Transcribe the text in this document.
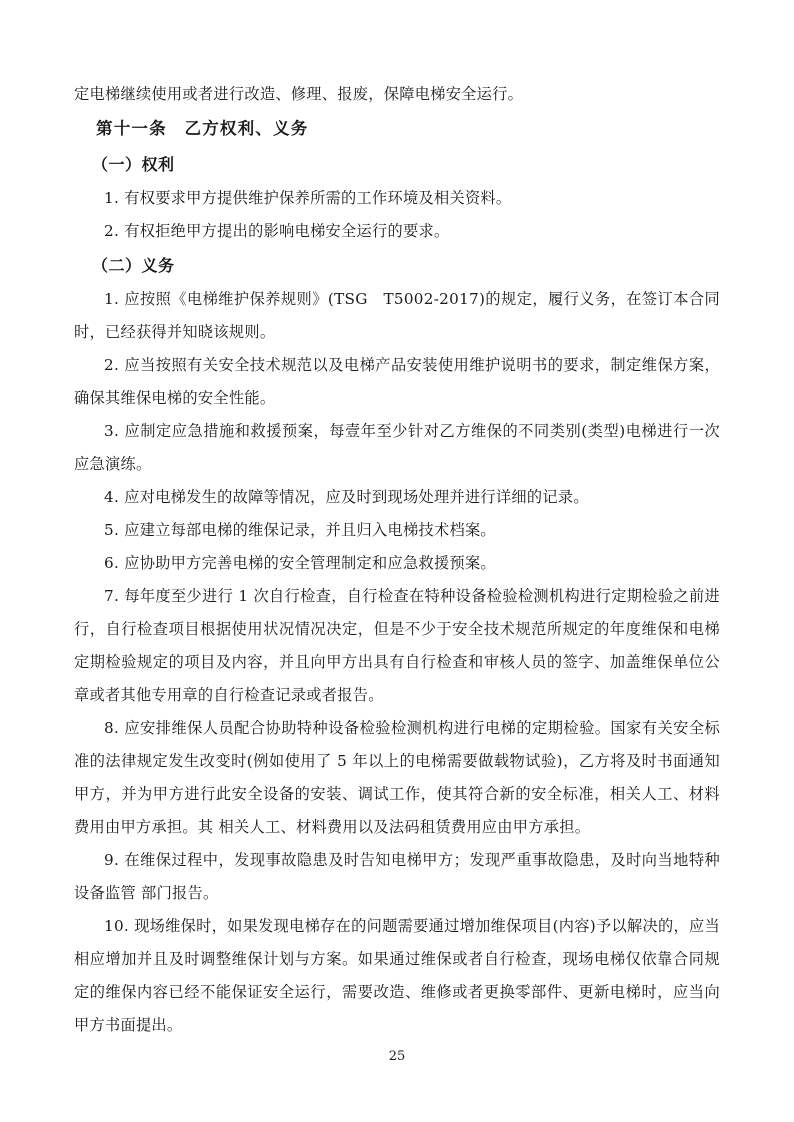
定电梯继续使用或者进行改造、修理、报废，保障电梯安全运行。

第十一条　乙方权利、义务

（一）权利

1. 有权要求甲方提供维护保养所需的工作环境及相关资料。

2. 有权拒绝甲方提出的影响电梯安全运行的要求。

（二）义务

1. 应按照《电梯维护保养规则》(TSG　T5002-2017)的规定，履行义务，在签订本合同时，已经获得并知晓该规则。

2. 应当按照有关安全技术规范以及电梯产品安装使用维护说明书的要求，制定维保方案，确保其维保电梯的安全性能。

3. 应制定应急措施和救援预案，每壹年至少针对乙方维保的不同类别(类型)电梯进行一次应急演练。

4. 应对电梯发生的故障等情况，应及时到现场处理并进行详细的记录。

5. 应建立每部电梯的维保记录，并且归入电梯技术档案。

6. 应协助甲方完善电梯的安全管理制定和应急救援预案。

7. 每年度至少进行 1 次自行检查，自行检查在特种设备检验检测机构进行定期检验之前进行，自行检查项目根据使用状况情况决定，但是不少于安全技术规范所规定的年度维保和电梯定期检验规定的项目及内容，并且向甲方出具有自行检查和审核人员的签字、加盖维保单位公章或者其他专用章的自行检查记录或者报告。

8. 应安排维保人员配合协助特种设备检验检测机构进行电梯的定期检验。国家有关安全标准的法律规定发生改变时(例如使用了 5 年以上的电梯需要做载物试验)，乙方将及时书面通知甲方，并为甲方进行此安全设备的安装、调试工作，使其符合新的安全标准，相关人工、材料费用由甲方承担。其 相关人工、材料费用以及法码租赁费用应由甲方承担。

9. 在维保过程中，发现事故隐患及时告知电梯甲方；发现严重事故隐患，及时向当地特种设备监管 部门报告。

10. 现场维保时，如果发现电梯存在的问题需要通过增加维保项目(内容)予以解决的，应当相应增加并且及时调整维保计划与方案。如果通过维保或者自行检查，现场电梯仅依靠合同规定的维保内容已经不能保证安全运行，需要改造、维修或者更换零部件、更新电梯时，应当向甲方书面提出。

25
